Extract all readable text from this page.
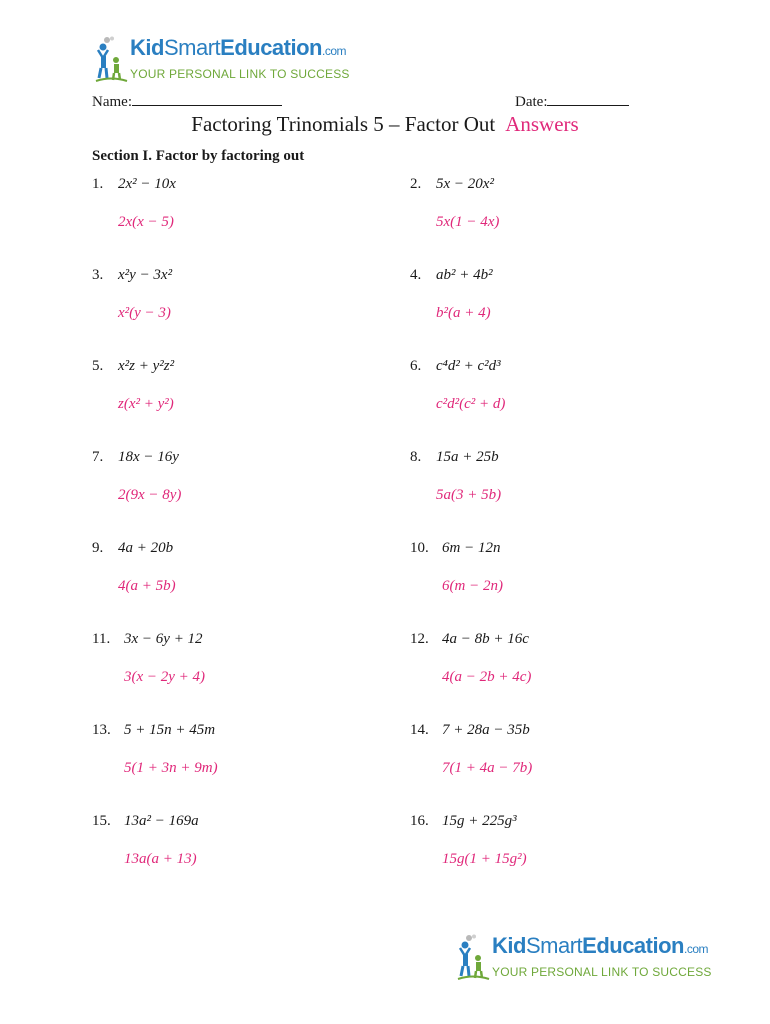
KidSmartEducation.com
YOUR PERSONAL LINK TO SUCCESS
Name:	Date:
Factoring Trinomials 5 – Factor Out Answers
Section I. Factor by factoring out
1. 2x² − 10x
2x(x − 5)
2. 5x − 20x²
5x(1 − 4x)
3. x²y − 3x²
x²(y − 3)
4. ab² + 4b²
b²(a + 4)
5. x²z + y²z²
z(x² + y²)
6. c⁴d² + c²d³
c²d²(c² + d)
7. 18x − 16y
2(9x − 8y)
8. 15a + 25b
5a(3 + 5b)
9. 4a + 20b
4(a + 5b)
10. 6m − 12n
6(m − 2n)
11. 3x − 6y + 12
3(x − 2y + 4)
12. 4a − 8b + 16c
4(a − 2b + 4c)
13. 5 + 15n + 45m
5(1 + 3n + 9m)
14. 7 + 28a − 35b
7(1 + 4a − 7b)
15. 13a² − 169a
13a(a + 13)
16. 15g + 225g³
15g(1 + 15g²)
KidSmartEducation.com
YOUR PERSONAL LINK TO SUCCESS
